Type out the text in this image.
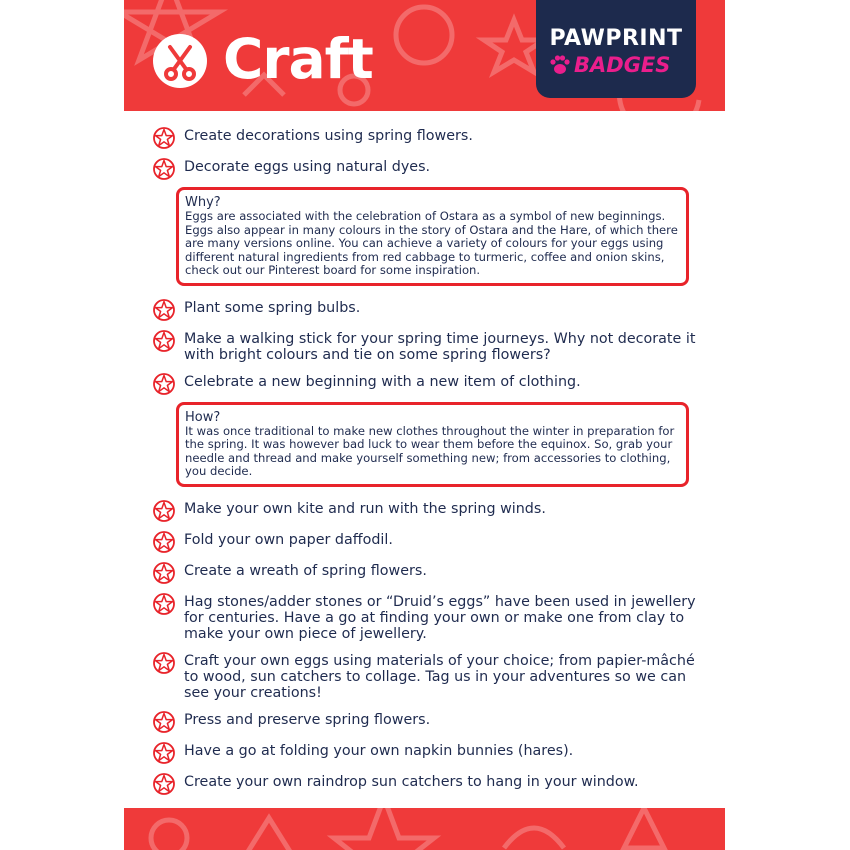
Craft	PAWPRINT
BADGES
Create decorations using spring flowers.
Decorate eggs using natural dyes.
Why?
Eggs are associated with the celebration of Ostara as a symbol of new beginnings. Eggs also appear in many colours in the story of Ostara and the Hare, of which there are many versions online. You can achieve a variety of colours for your eggs using different natural ingredients from red cabbage to turmeric, coffee and onion skins, check out our Pinterest board for some inspiration.
Plant some spring bulbs.
Make a walking stick for your spring time journeys. Why not decorate it with bright colours and tie on some spring flowers?
Celebrate a new beginning with a new item of clothing.
How?
It was once traditional to make new clothes throughout the winter in preparation for the spring. It was however bad luck to wear them before the equinox. So, grab your needle and thread and make yourself something new; from accessories to clothing, you decide.
Make your own kite and run with the spring winds.
Fold your own paper daffodil.
Create a wreath of spring flowers.
Hag stones/adder stones or “Druid’s eggs” have been used in jewellery for centuries. Have a go at finding your own or make one from clay to make your own piece of jewellery.
Craft your own eggs using materials of your choice; from papier-mâché to wood, sun catchers to collage. Tag us in your adventures so we can see your creations!
Press and preserve spring flowers.
Have a go at folding your own napkin bunnies (hares).
Create your own raindrop sun catchers to hang in your window.
